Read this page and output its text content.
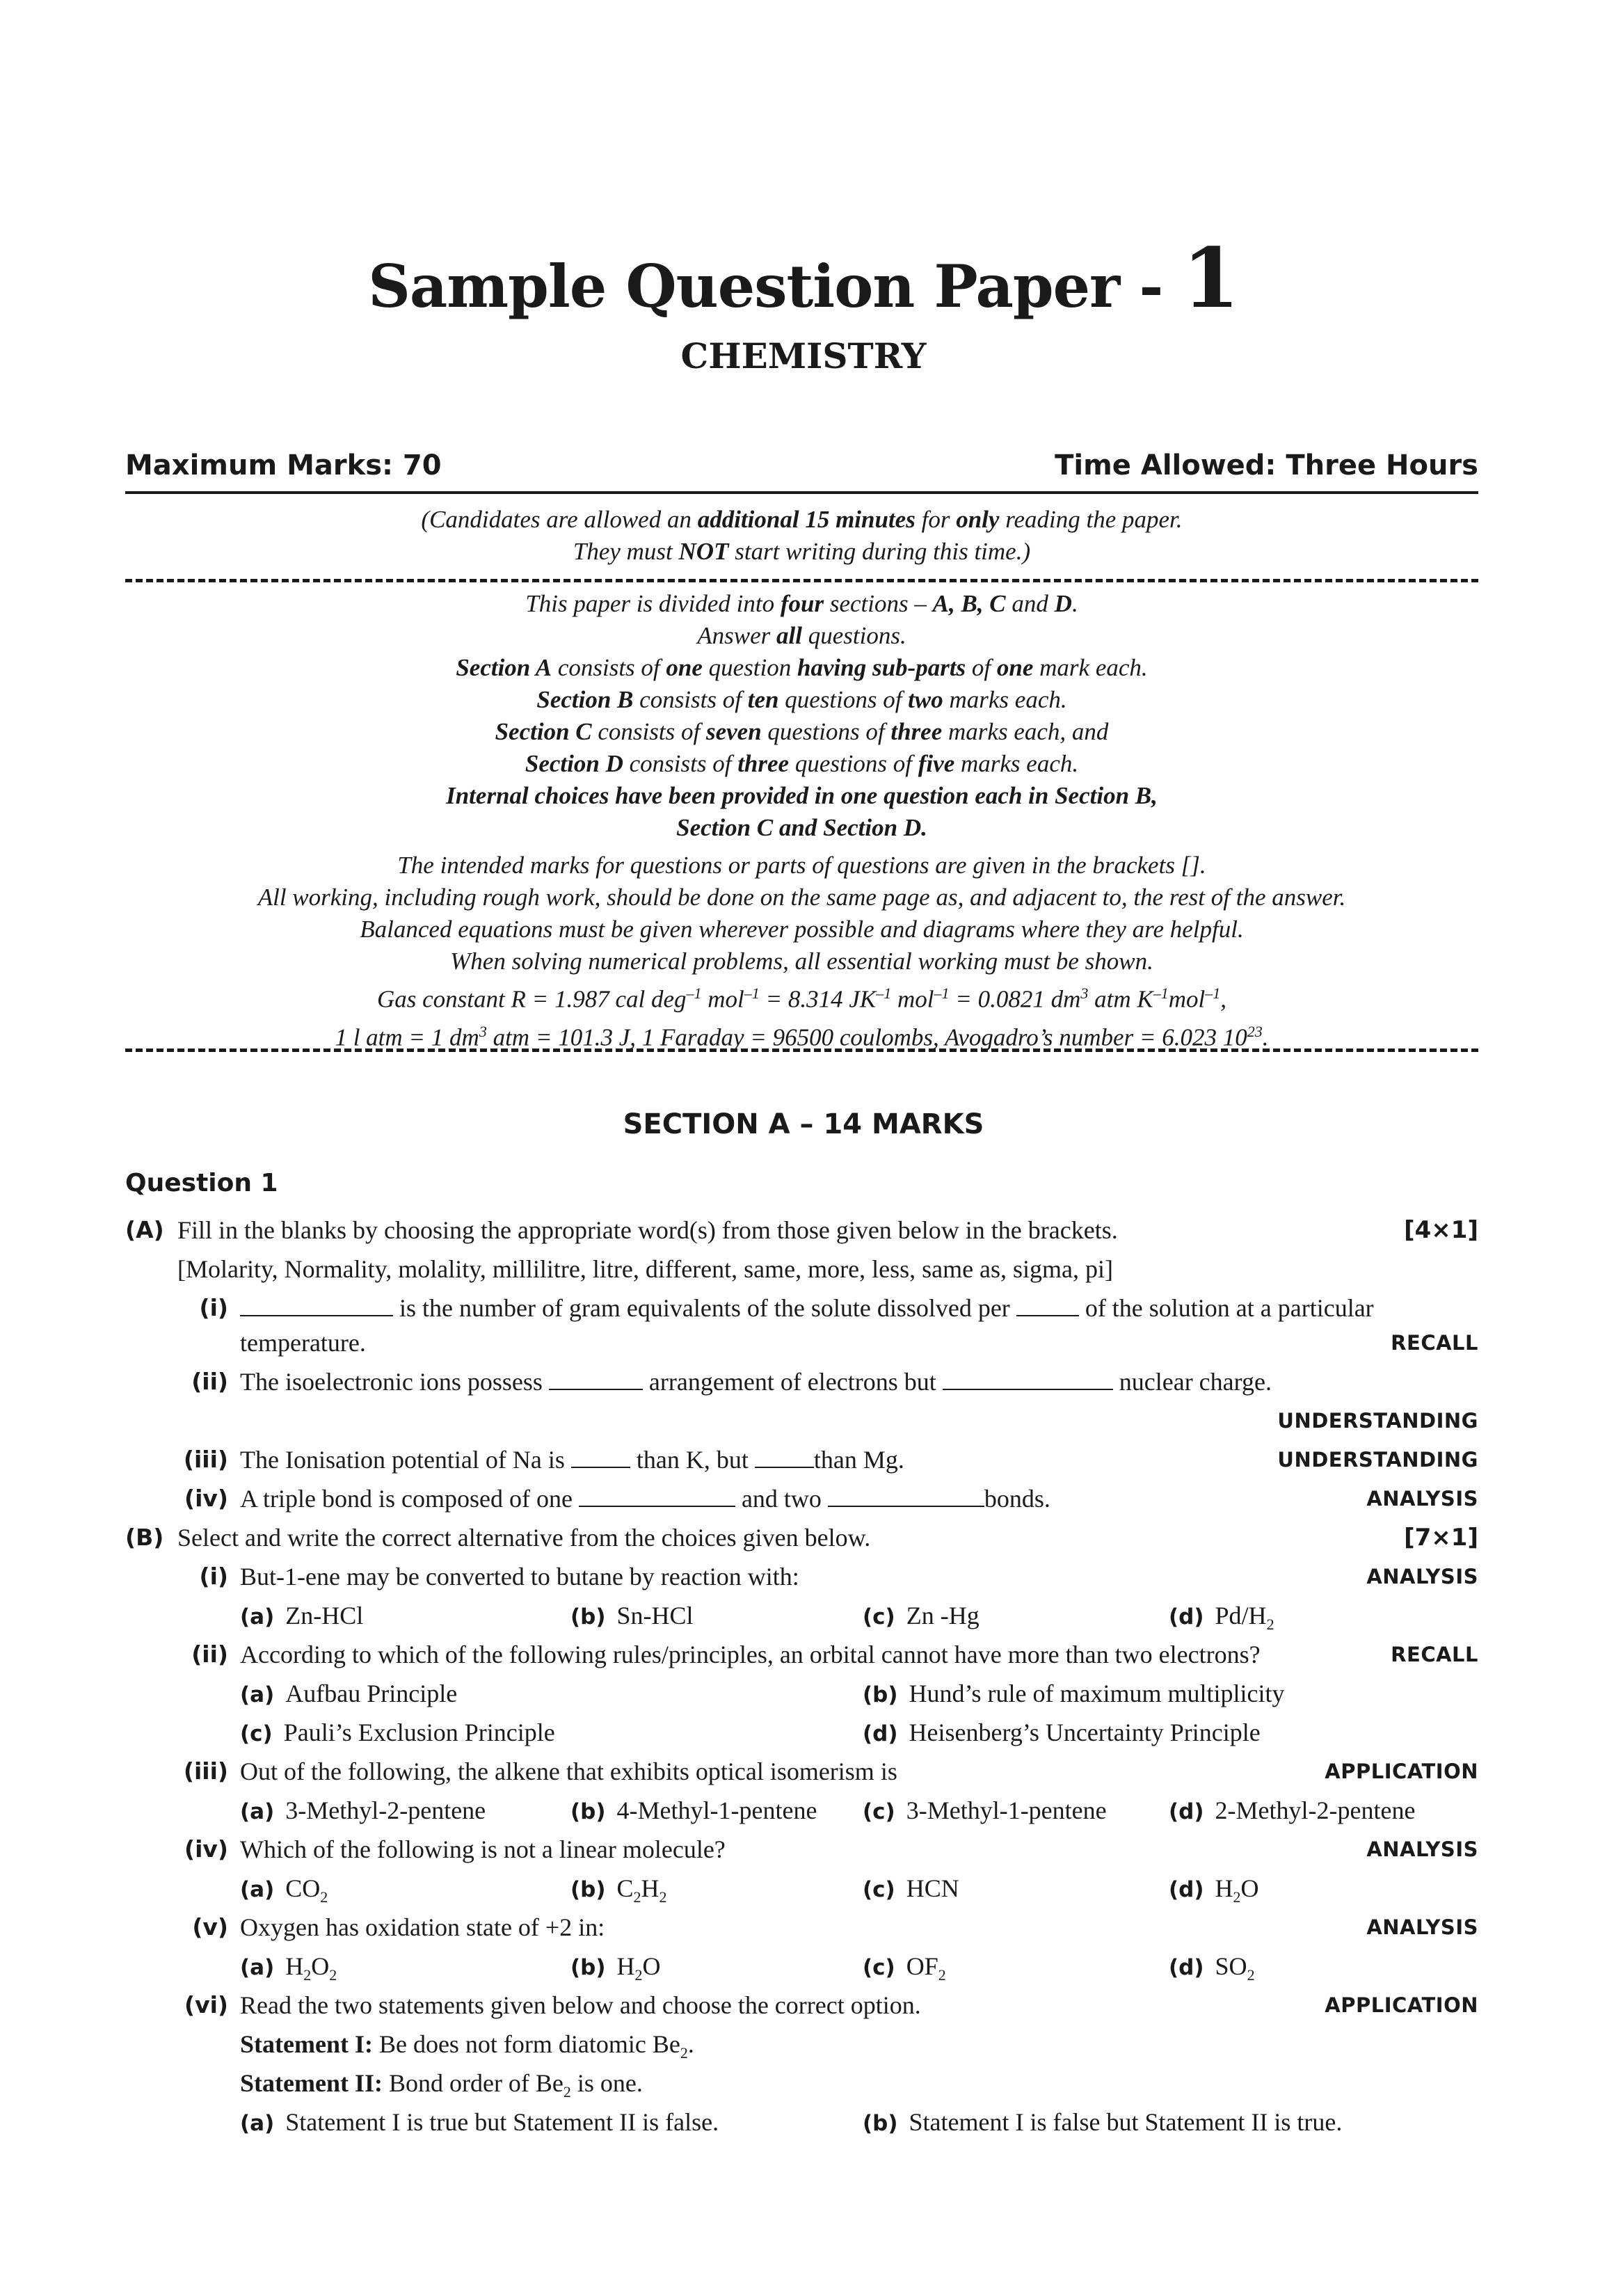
Sample Question Paper - 1
CHEMISTRY
Maximum Marks: 70	Time Allowed: Three Hours
(Candidates are allowed an additional 15 minutes for only reading the paper.
They must NOT start writing during this time.)
This paper is divided into four sections – A, B, C and D.
Answer all questions.
Section A consists of one question having sub-parts of one mark each.
Section B consists of ten questions of two marks each.
Section C consists of seven questions of three marks each, and
Section D consists of three questions of five marks each.
Internal choices have been provided in one question each in Section B,
Section C and Section D.
The intended marks for questions or parts of questions are given in the brackets [].
All working, including rough work, should be done on the same page as, and adjacent to, the rest of the answer.
Balanced equations must be given wherever possible and diagrams where they are helpful.
When solving numerical problems, all essential working must be shown.
Gas constant R = 1.987 cal deg$^{-1}$ mol$^{-1}$ = 8.314 $JK^{-1}$ mol$^{-1}$ = 0.0821 $dm^3$ atm $K^{-1}mol^{-1}$,
1 l atm = 1 $dm^3$ atm = 101.3 J, 1 Faraday = 96500 coulombs, Avogadro’s number = 6.023 $10^{23}$.
SECTION A – 14 MARKS
Question 1
(A) Fill in the blanks by choosing the appropriate word(s) from those given below in the brackets.	[4×1]
[Molarity, Normality, molality, millilitre, litre, different, same, more, less, same as, sigma, pi]
(i)	is the number of gram equivalents of the solute dissolved per	of the solution at a particular
temperature.	RECALL
(ii) The isoelectronic ions possess	arrangement of electrons but	nuclear charge.
UNDERSTANDING
(iii) The Ionisation potential of Na is  than K, but than Mg.	UNDERSTANDING
(iv) A triple bond is composed of one	and two	bonds.	ANALYSIS
(B) Select and write the correct alternative from the choices given below.	[7×1]
(i) But-1-ene may be converted to butane by reaction with:	ANALYSIS
(a) Zn-HCl	(b) Sn-HCl	(c) Zn -Hg	(d) $Pd/H_2$
(ii) According to which of the following rules/principles, an orbital cannot have more than two electrons?	RECALL
(a) Aufbau Principle	(b) Hund’s rule of maximum multiplicity
(c) Pauli’s Exclusion Principle	(d) Heisenberg’s Uncertainty Principle
(iii) Out of the following, the alkene that exhibits optical isomerism is	APPLICATION
(a) 3-Methyl-2-pentene	(b) 4-Methyl-1-pentene (c) 3-Methyl-1-pentene	(d) 2-Methyl-2-pentene
(iv) Which of the following is not a linear molecule?	ANALYSIS
(a) $CO_2$	(b) $C_2H_2$	(c) HCN	(d) $H_2O$
(v) Oxygen has oxidation state of +2 in:	ANALYSIS
(a) $H_2O_2$	(b) $H_2O$	(c) $OF_2$	(d) $SO_2$
(vi) Read the two statements given below and choose the correct option.	APPLICATION
Statement I: Be does not form diatomic $Be_2$.
Statement II: Bond order of $Be_2$ is one.
(a) Statement I is true but Statement II is false.	(b) Statement I is false but Statement II is true.
